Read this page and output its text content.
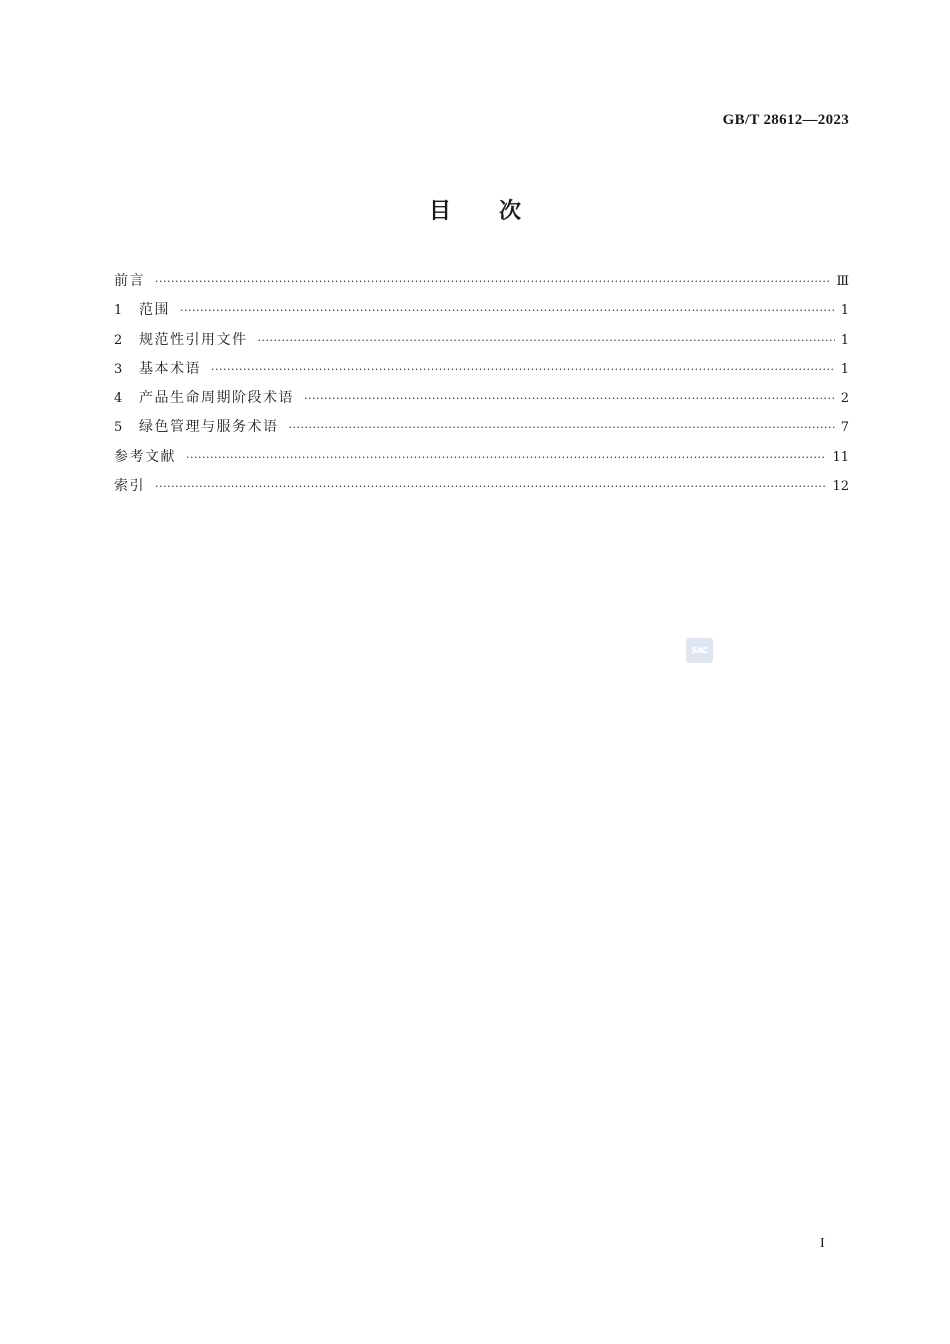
GB/T 28612—2023
目次
前言 ·····	Ⅲ
1	范围 ·····	1
2	规范性引用文件 ·····	1
3	基本术语 ·····	1
4	产品生命周期阶段术语 ·····	2
5	绿色管理与服务术语 ·····	7
参考文献 ·····	11
索引 ·····	12
SAC
I
